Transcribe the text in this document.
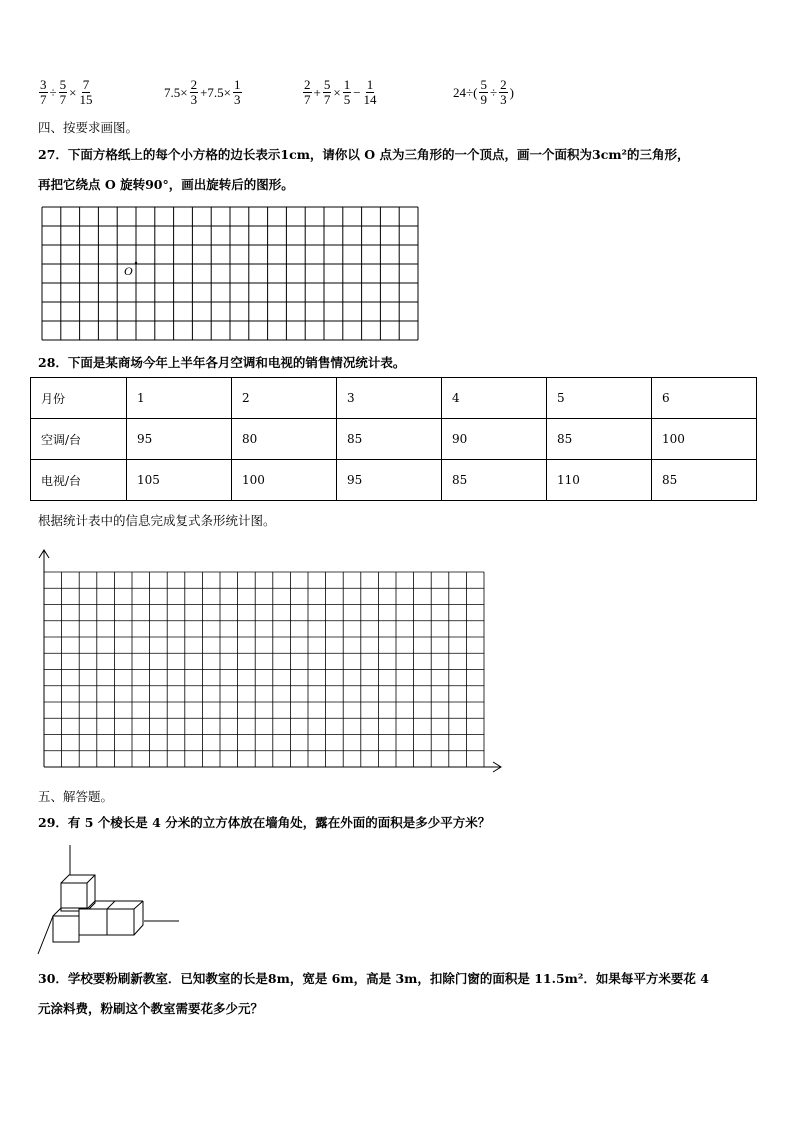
$\frac{3}{7} \div \frac{5}{7} \times \frac{7}{15}$	$7.5\times \frac{2}{3} +7.5\times \frac{1}{3}$	$\frac{2}{7} + \frac{5}{7} \times \frac{1}{5} - \frac{1}{14}$	$24\div( \frac{5}{9} \div \frac{2}{3}$ )
四、按要求画图。
27．下面方格纸上的每个小方格的边长表示1cm，请你以 O 点为三角形的一个顶点，画一个面积为3cm²的三角形，
再把它绕点 O 旋转90°，画出旋转后的图形。
O
28．下面是某商场今年上半年各月空调和电视的销售情况统计表。
月份	1	2	3	4	5	6
空调/台	95	80	85	90	85	100
电视/台	105	100	95	85	110	85
根据统计表中的信息完成复式条形统计图。
五、解答题。
29．有 5 个棱长是 4 分米的立方体放在墙角处，露在外面的面积是多少平方米？
30．学校要粉刷新教室．已知教室的长是8m，宽是 6m，高是 3m，扣除门窗的面积是 11.5m²．如果每平方米要花 4
元涂料费，粉刷这个教室需要花多少元？
